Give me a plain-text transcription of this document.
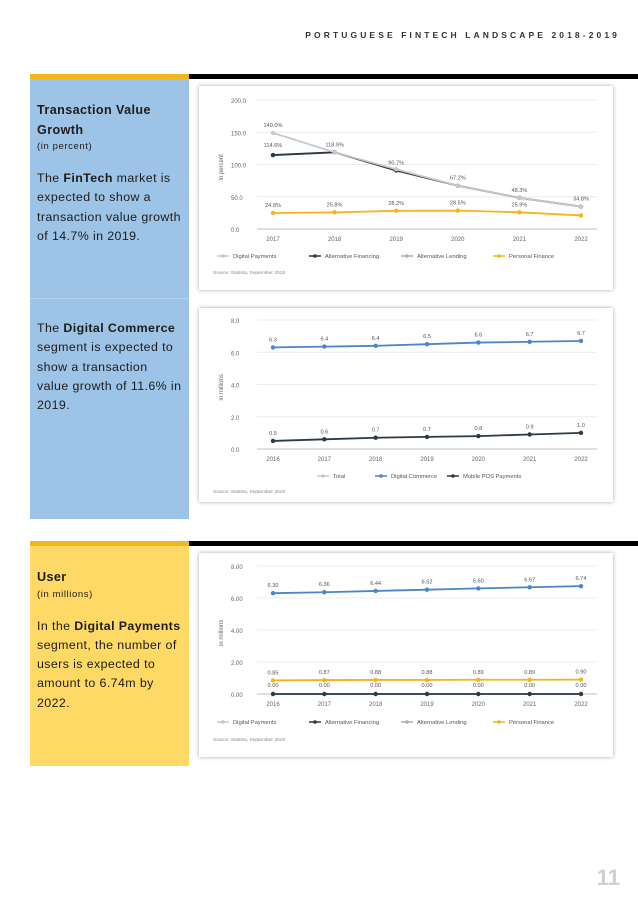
PORTUGUESE FINTECH LANDSCAPE 2018-2019
Transaction Value Growth
(in percent)
The FinTech market is expected to show a transaction value growth of 14.7% in 2019.
The Digital Commerce segment is expected to show a transaction value growth of 11.6% in 2019.
User
(in millions)
In the Digital Payments segment, the number of users is expected to amount to 6.74m by 2022.
0.0
50.0
100.0
150.0
200.0
in percent
2017	2018	2019	2020	2021	2022
149.0%
114.6%	118.9%
90.7%
67.2%
48.3%
34.8%
24.8%	25.8%	28.2%	28.5%	25.9%
Digital Payments	Alternative Financing	Alternative Lending	Personal Finance
Source: Statista, September 2018
0.0
2.0
4.0
6.0
8.0
in millions
2016	2017	2018	2019	2020	2021	2022
6.3	6.4	6.4	6.5	6.6	6.7	6.7
0.5	0.6	0.7	0.7	0.8	0.9	1.0
Total	Digital Commerce	Mobile POS Payments
Source: Statista, September 2018
0.00
2.00
4.00
6.00
8.00
in millions
2016	2017	2018	2019	2020	2021	2022
6.30	6.36	6.44	6.52	6.60	6.67	6.74
0.85	0.87	0.88	0.88	0.89	0.89	0.90
0.00	0.00	0.00	0.00	0.00	0.00	0.00
Digital Payments	Alternative Financing	Alternative Lending	Personal Finance
Source: Statista, September 2018
11
